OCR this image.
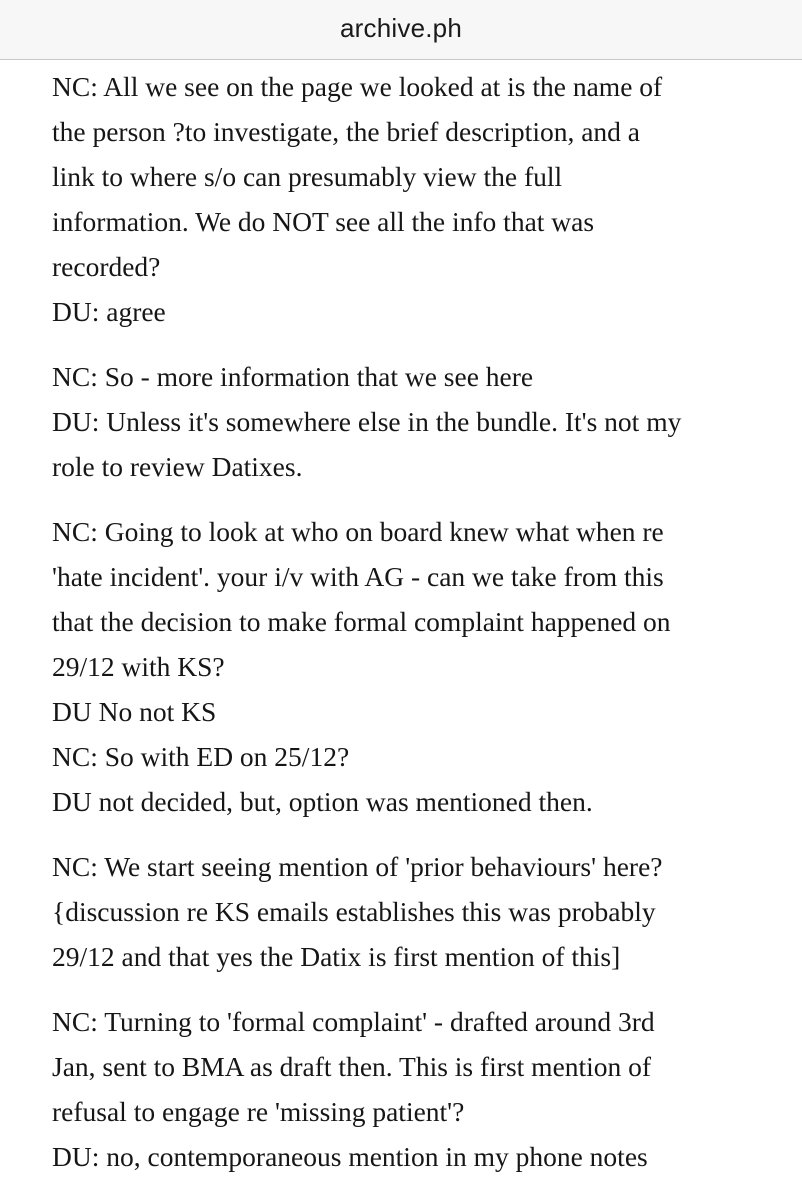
archive.ph
NC: All we see on the page we looked at is the name of
the person ?to investigate, the brief description, and a
link to where s/o can presumably view the full
information. We do NOT see all the info that was
recorded?
DU: agree
NC: So - more information that we see here
DU: Unless it's somewhere else in the bundle. It's not my
role to review Datixes.
NC: Going to look at who on board knew what when re
'hate incident'. your i/v with AG - can we take from this
that the decision to make formal complaint happened on
29/12 with KS?
DU No not KS
NC: So with ED on 25/12?
DU not decided, but, option was mentioned then.
NC: We start seeing mention of 'prior behaviours' here?
{discussion re KS emails establishes this was probably
29/12 and that yes the Datix is first mention of this]
NC: Turning to 'formal complaint' - drafted around 3rd
Jan, sent to BMA as draft then. This is first mention of
refusal to engage re 'missing patient'?
DU: no, contemporaneous mention in my phone notes
